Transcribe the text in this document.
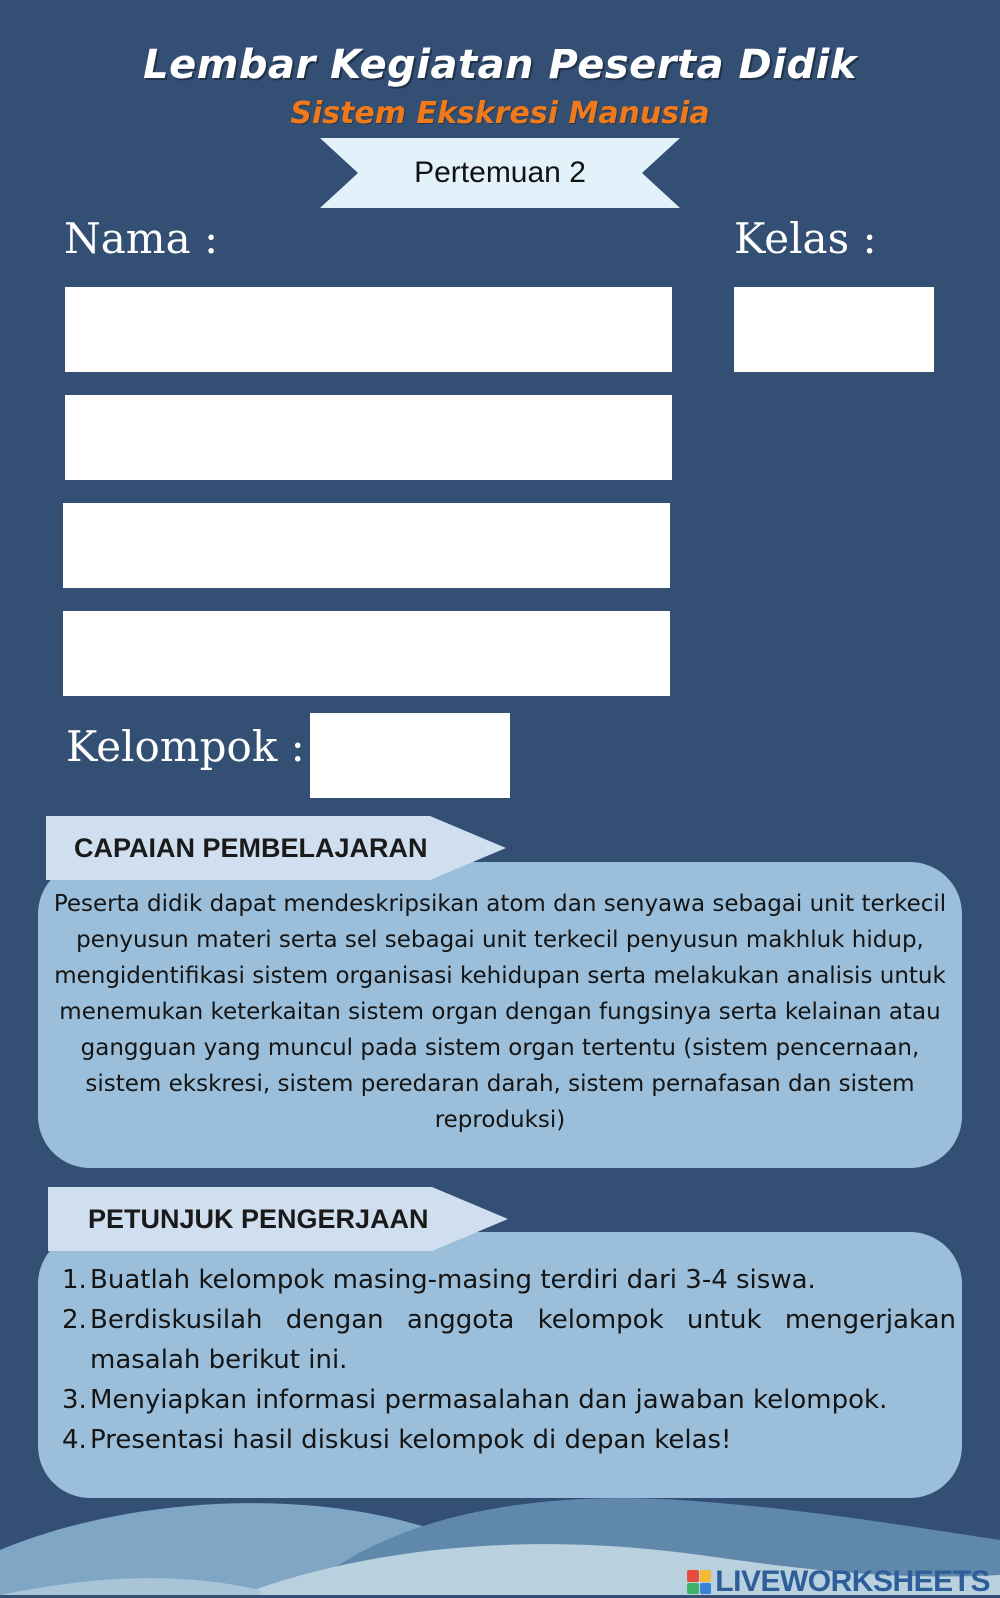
Lembar Kegiatan Peserta Didik
Sistem Ekskresi Manusia
Pertemuan 2
Nama :	Kelas :
Kelompok :
Peserta didik dapat mendeskripsikan atom dan senyawa sebagai unit terkecil
penyusun materi serta sel sebagai unit terkecil penyusun makhluk hidup,
mengidentifikasi sistem organisasi kehidupan serta melakukan analisis untuk
menemukan keterkaitan sistem organ dengan fungsinya serta kelainan atau
gangguan yang muncul pada sistem organ tertentu (sistem pencernaan,
sistem ekskresi, sistem peredaran darah, sistem pernafasan dan sistem
reproduksi)
CAPAIAN PEMBELAJARAN
1. Buatlah kelompok masing-masing terdiri dari 3-4 siswa.
2. Berdiskusilah dengan anggota kelompok untuk mengerjakan masalah berikut ini.
3. Menyiapkan informasi permasalahan dan jawaban kelompok.
4. Presentasi hasil diskusi kelompok di depan kelas!
PETUNJUK PENGERJAAN
LIVEWORKSHEETS
